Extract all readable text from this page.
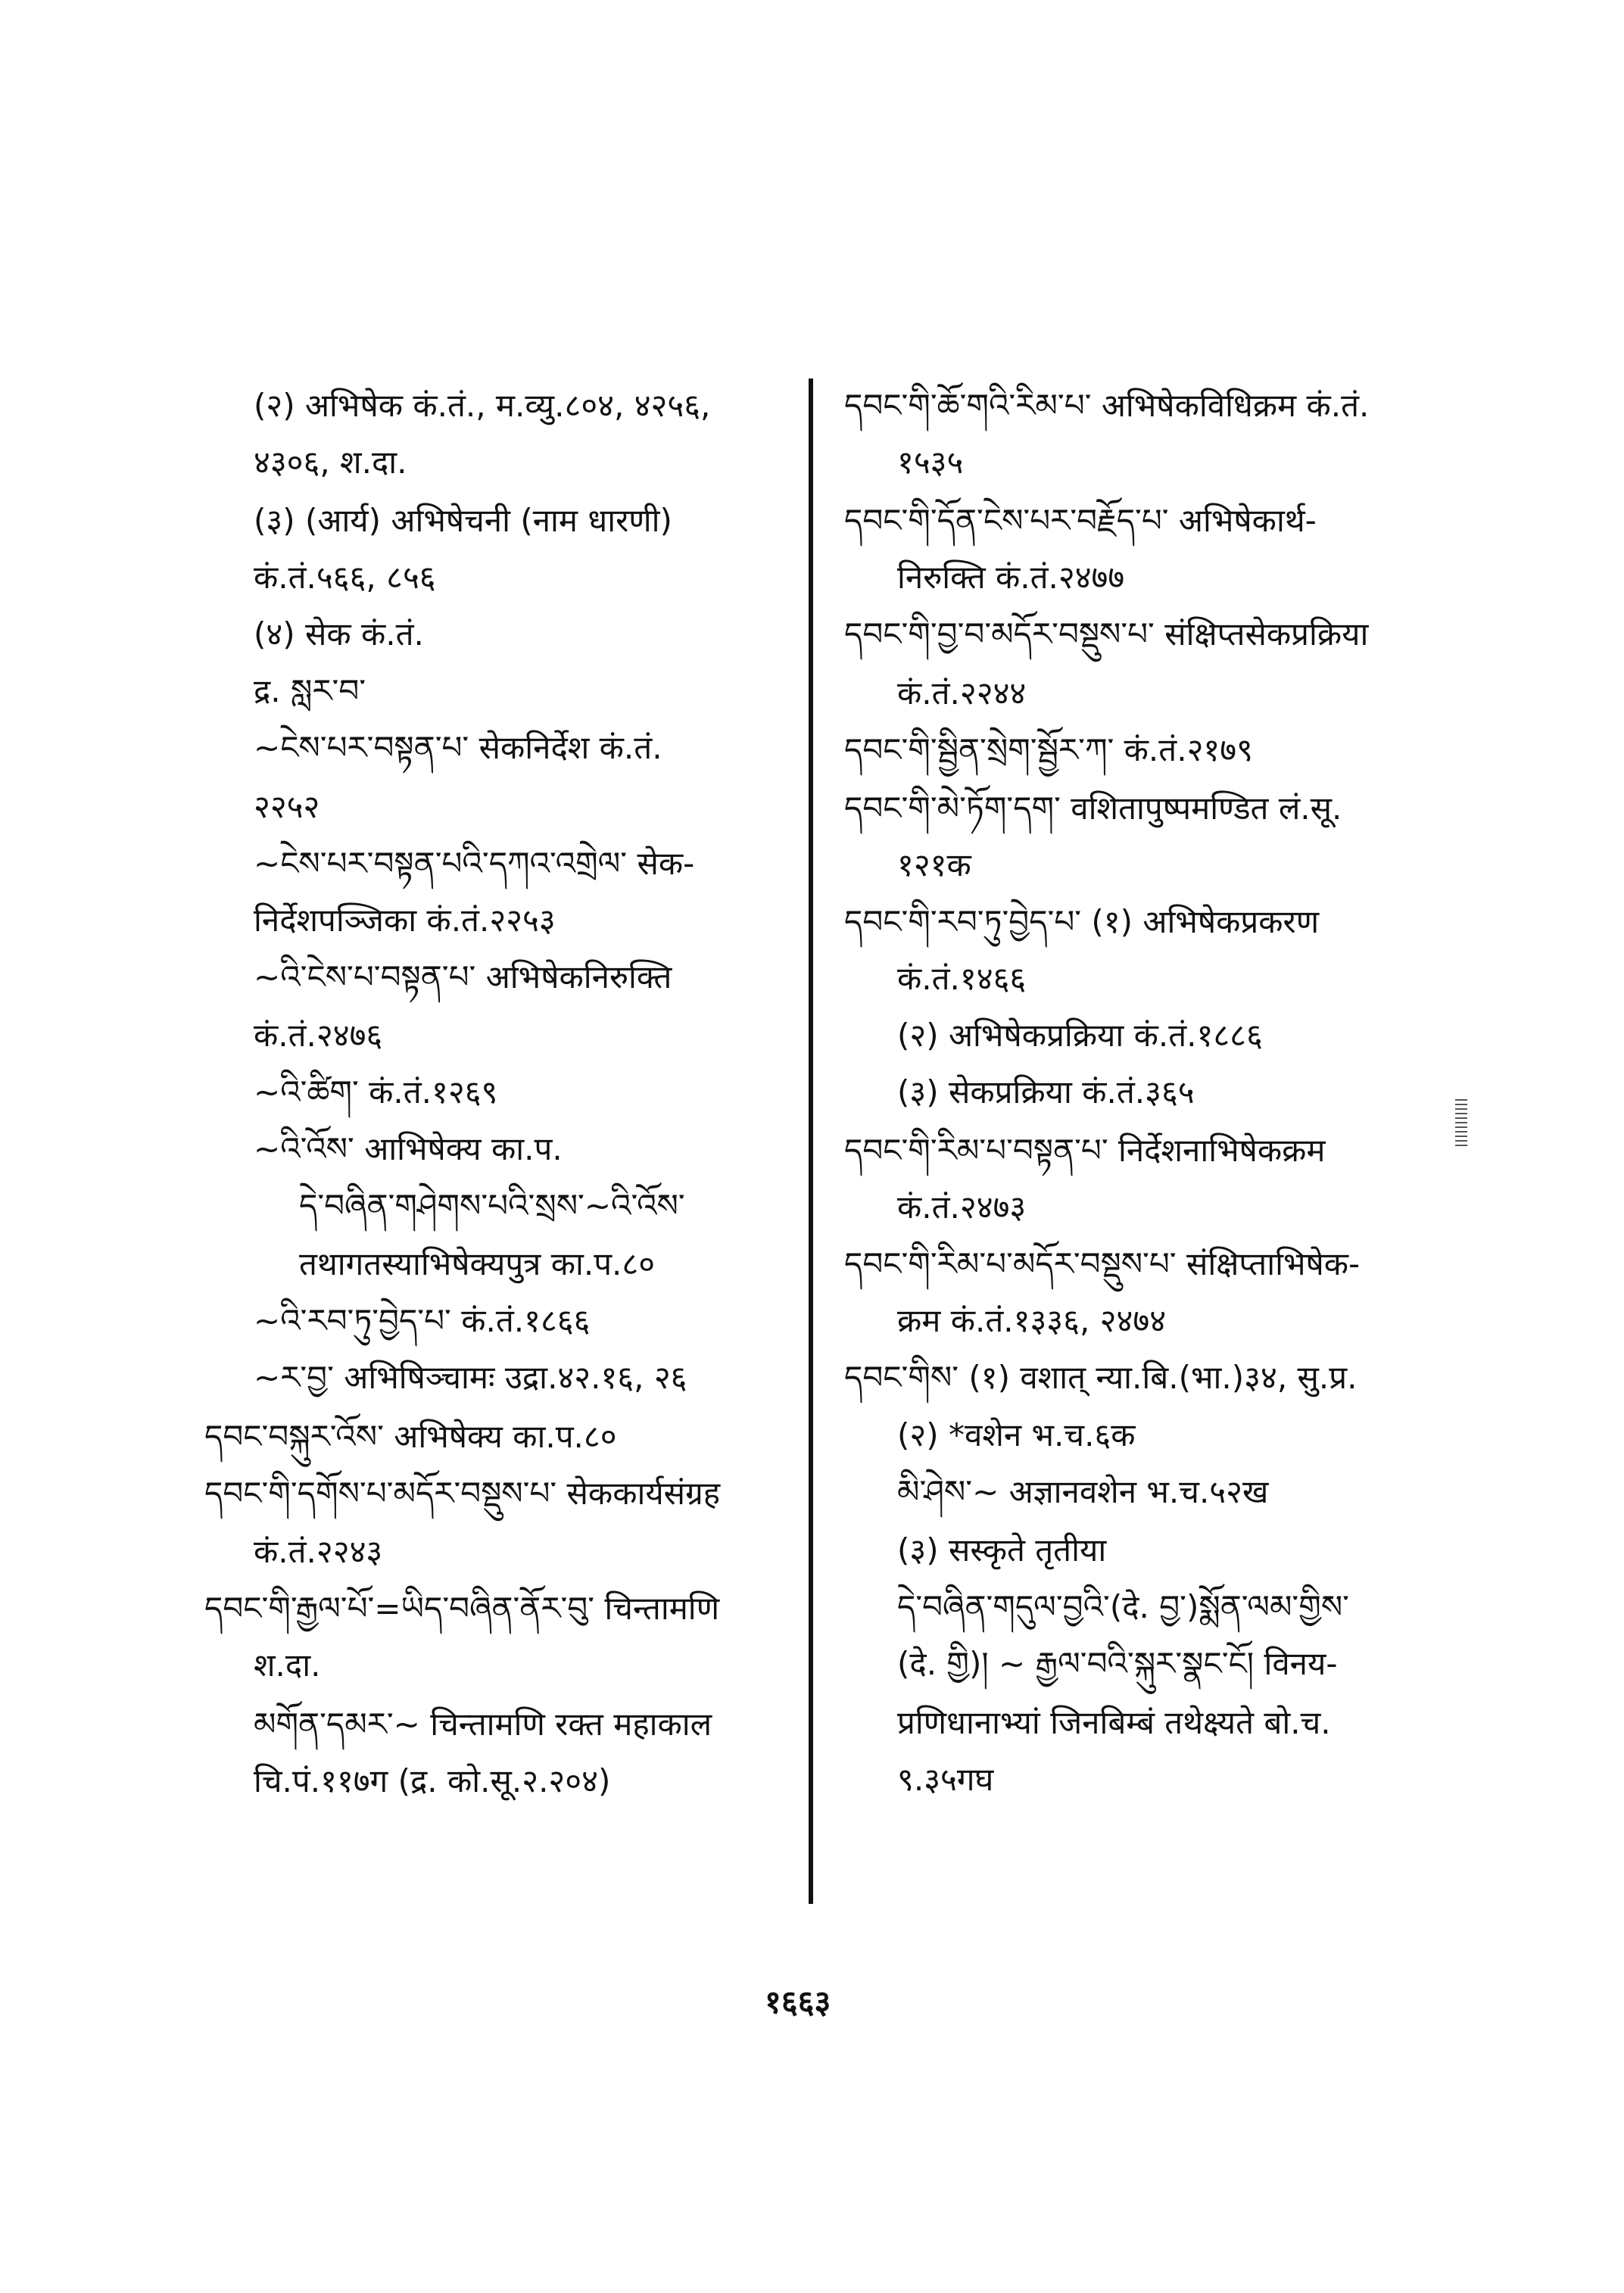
(२) अभिषेक कं.तं., म.व्यु.८०४, ४२५६,
४३०६, श.दा.
(३) (आर्य) अभिषेचनी (नाम धारणी)
कं.तं.५६६, ८५६
(४) सेक कं.तं.
द्र. སླར་བ་
~ངེས་པར་བསྟན་པ་ सेकनिर्देश कं.तं.
२२५२
~ངེས་པར་བསྟན་པའི་དཀའ་འགྲེལ་ सेक-
निर्देशपञ्जिका कं.तं.२२५३
~འི་ངེས་པ་བསྟན་པ་ अभिषेकनिरुक्ति
कं.तं.२४७६
~འི་ཚིག་ कं.तं.१२६९
~འི་འོས་ आभिषेक्य का.प.
དེ་བཞིན་གཤེགས་པའི་སྲས་~འི་འོས་
तथागतस्याभिषेक्यपुत्र का.प.८०
~འི་རབ་ཏུ་བྱེད་པ་ कं.तं.१८६६
~ར་བྱ་ अभिषिञ्चामः उद्रा.४२.१६, २६
དབང་བསྐུར་འོས་ अभिषेक्य का.प.८०
དབང་གི་དགོས་པ་མདོར་བསྡུས་པ་ सेककार्यसंग्रह
कं.तं.२२४३
དབང་གི་རྒྱལ་པོ་=ཡིད་བཞིན་ནོར་བུ་ चिन्तामणि
श.दा.
མགོན་དམར་~ चिन्तामणि रक्त महाकाल
चि.पं.११७ग (द्र. को.सू.२.२०४)
དབང་གི་ཆོ་གའི་རིམ་པ་ अभिषेकविधिक्रम कं.तं.
१५३५
དབང་གི་དོན་ངེས་པར་བརྗོད་པ་ अभिषेकार्थ-
निरुक्ति कं.तं.२४७७
དབང་གི་བྱ་བ་མདོར་བསྡུས་པ་ संक्षिप्तसेकप्रक्रिया
कं.तं.२२४४
དབང་གི་སྦྱིན་སྲེག་སྦྱོར་ཀ་ कं.तं.२१७९
དབང་གི་མེ་ཏོག་དག་ वशितापुष्पमण्डित लं.सू.
१२१क
དབང་གི་རབ་ཏུ་བྱེད་པ་ (१) अभिषेकप्रकरण
कं.तं.१४६६
(२) अभिषेकप्रक्रिया कं.तं.१८८६
(३) सेकप्रक्रिया कं.तं.३६५
དབང་གི་རིམ་པ་བསྟན་པ་ निर्देशनाभिषेकक्रम
कं.तं.२४७३
དབང་གི་རིམ་པ་མདོར་བསྡུས་པ་ संक्षिप्ताभिषेक-
क्रम कं.तं.१३३६, २४७४
དབང་གིས་ (१) वशात् न्या.बि.(भा.)३४, सु.प्र.
(२) *वशेन भ.च.६क
མི་ཤེས་~ अज्ञानवशेन भ.च.५२ख
(३) सस्कृते तृतीया
དེ་བཞིན་གདུལ་བྱའི་(दे. བྱ་)སྨོན་ལམ་གྱིས་
(दे. གྱི)། ~ རྒྱལ་བའི་སྐུར་སྣང་ངོ། विनय-
प्रणिधानाभ्यां जिनबिम्बं तथेक्ष्यते बो.च.
९.३५गघ
१६६३
